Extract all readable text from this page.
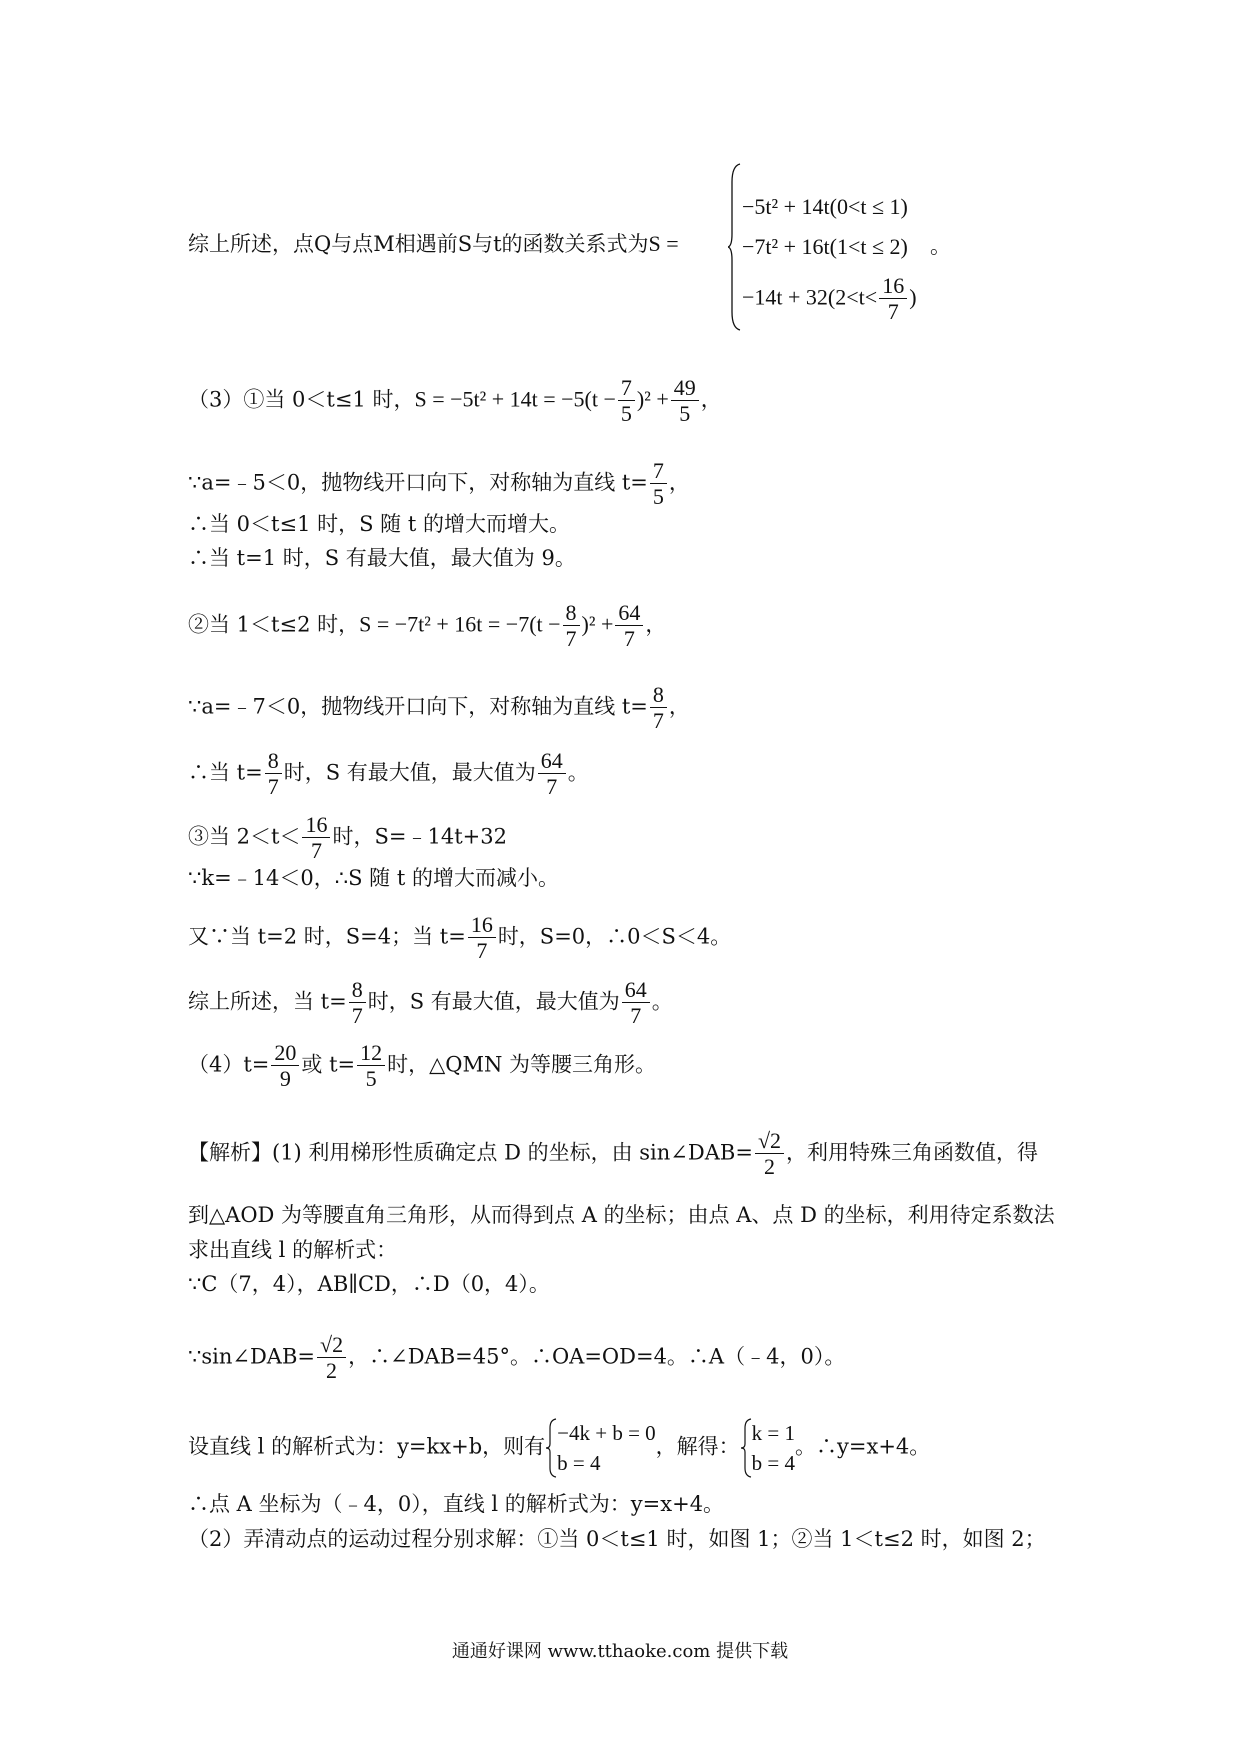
综上所述，点Q与点M相遇前S与t的函数关系式为S =
−5t² + 14t(0<t ≤ 1)
−7t² + 16t(1<t ≤ 2)
$-14t + 32(2<t< \frac{16}{7}$ )
。
（3）①当 0＜t≤1 时，$S = -5t^2 + 14t = -5(t - \frac{7}{5} )^2 + \frac{49}{5}$ ，
∵a=﹣5＜0，抛物线开口向下，对称轴为直线 $t= \frac{7}{5}$ ，
∴当 0＜t≤1 时，S 随 t 的增大而增大。
∴当 t=1 时，S 有最大值，最大值为 9。
②当 1＜t≤2 时，$S = -7t^2 + 16t = -7(t - \frac{8}{7} )^2 + \frac{64}{7}$ ，
∵a=﹣7＜0，抛物线开口向下，对称轴为直线 $t= \frac{8}{7}$ ，
∴当 $t= \frac{8}{7}$ 时，S 有最大值，最大值为 $\frac{64}{7}$ 。
③当 $2<t< \frac{16}{7}$ 时，S=﹣14t+32
∵k=﹣14＜0，∴S 随 t 的增大而减小。
又∵当 t=2 时，S=4；当 $t= \frac{16}{7}$ 时，S=0，∴0＜S＜4。
综上所述，当 $t= \frac{8}{7}$ 时，S 有最大值，最大值为 $\frac{64}{7}$ 。
$(4)t= \frac{20}{9}$ 或 $t= \frac{12}{5}$ 时，△QMN 为等腰三角形。
【解析】(1) 利用梯形性质确定点 D 的坐标，由 sin∠DAB= $\frac{√2}{2}$ ，利用特殊三角函数值，得
到△AOD 为等腰直角三角形，从而得到点 A 的坐标；由点 A、点 D 的坐标，利用待定系数法
求出直线 l 的解析式：
∵C（7，4），AB∥CD，∴D（0，4）。
∵sin∠DAB= $\frac{√2}{2}$ ，∴∠DAB=45°。∴OA=OD=4。∴A（﹣4，0）。
设直线 l 的解析式为：y=kx+b，则有
−4k + b = 0
b = 4
，解得：
k = 1
b = 4
。∴y=x+4。
∴点 A 坐标为（﹣4，0），直线 l 的解析式为：y=x+4。
（2）弄清动点的运动过程分别求解：①当 0＜t≤1 时，如图 1；②当 1＜t≤2 时，如图 2；
通通好课网 www.tthaoke.com 提供下载
